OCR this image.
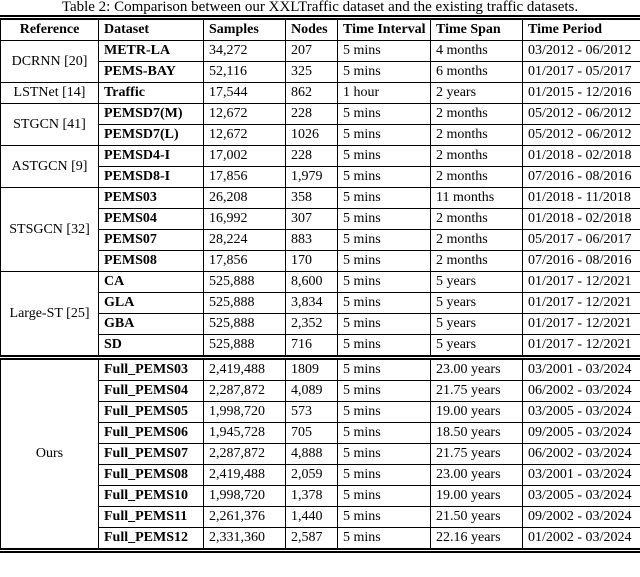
Table 2: Comparison between our XXLTraffic dataset and the existing traffic datasets.
Reference	Dataset	Samples	Nodes	Time Interval	Time Span	Time Period
DCRNN [20]	METR-LA	34,272	207	5 mins	4 months	03/2012 - 06/2012
	PEMS-BAY	52,116	325	5 mins	6 months	01/2017 - 05/2017
LSTNet [14]	Traffic	17,544	862	1 hour	2 years	01/2015 - 12/2016
STGCN [41]	PEMSD7(M)	12,672	228	5 mins	2 months	05/2012 - 06/2012
	PEMSD7(L)	12,672	1026	5 mins	2 months	05/2012 - 06/2012
ASTGCN [9]	PEMSD4-I	17,002	228	5 mins	2 months	01/2018 - 02/2018
	PEMSD8-I	17,856	1,979	5 mins	2 months	07/2016 - 08/2016
STSGCN [32]	PEMS03	26,208	358	5 mins	11 months	01/2018 - 11/2018
	PEMS04	16,992	307	5 mins	2 months	01/2018 - 02/2018
	PEMS07	28,224	883	5 mins	2 months	05/2017 - 06/2017
	PEMS08	17,856	170	5 mins	2 months	07/2016 - 08/2016
Large-ST [25]	CA	525,888	8,600	5 mins	5 years	01/2017 - 12/2021
	GLA	525,888	3,834	5 mins	5 years	01/2017 - 12/2021
	GBA	525,888	2,352	5 mins	5 years	01/2017 - 12/2021
	SD	525,888	716	5 mins	5 years	01/2017 - 12/2021
Ours	Full_PEMS03	2,419,488	1809	5 mins	23.00 years	03/2001 - 03/2024
	Full_PEMS04	2,287,872	4,089	5 mins	21.75 years	06/2002 - 03/2024
	Full_PEMS05	1,998,720	573	5 mins	19.00 years	03/2005 - 03/2024
	Full_PEMS06	1,945,728	705	5 mins	18.50 years	09/2005 - 03/2024
	Full_PEMS07	2,287,872	4,888	5 mins	21.75 years	06/2002 - 03/2024
	Full_PEMS08	2,419,488	2,059	5 mins	23.00 years	03/2001 - 03/2024
	Full_PEMS10	1,998,720	1,378	5 mins	19.00 years	03/2005 - 03/2024
	Full_PEMS11	2,261,376	1,440	5 mins	21.50 years	09/2002 - 03/2024
	Full_PEMS12	2,331,360	2,587	5 mins	22.16 years	01/2002 - 03/2024
